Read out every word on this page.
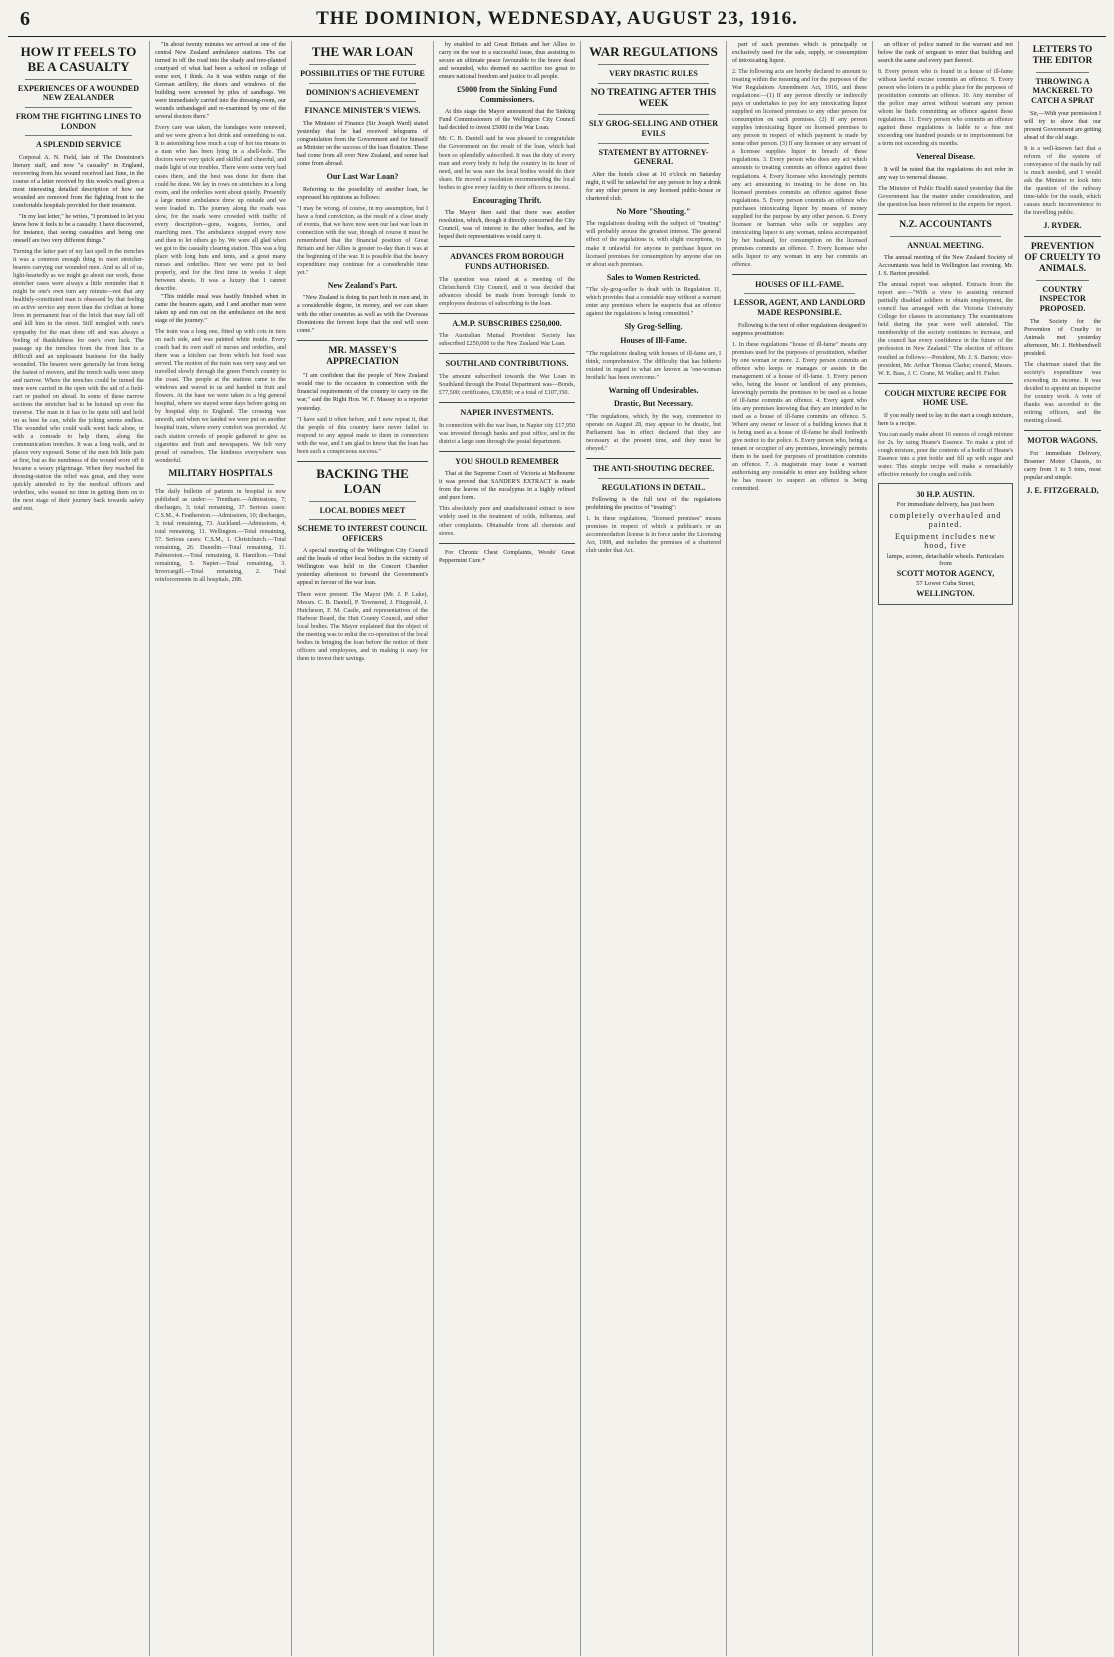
6	THE DOMINION, WEDNESDAY, AUGUST 23, 1916.
HOW IT FEELS TO BE A CASUALTY
EXPERIENCES OF A WOUNDED NEW ZEALANDER
FROM THE FIGHTING LINES TO LONDON
A SPLENDID SERVICE

Corporal A. N. Field, late of The Dominion's literary staff, and now "a casualty" in England, recovering from his wound received last June, in the course of a letter received by this week's mail gives a most interesting detailed description of how our wounded are removed from the fighting front to the comfortable hospitals provided for their treatment.

"In my last letter," he writes, "I promised to let you know how it feels to be a casualty. I have discovered, for instance, that seeing casualties and being one oneself are two very different things."

Turning the latter part of my last spell in the trenches it was a common enough thing to meet stretcher-bearers carrying our wounded men. And so all of us, light-heartedly as we might go about our work, these stretcher cases were always a little reminder that it might be one's own turn any minute—not that any healthily-constituted man is obsessed by that feeling on active service any more than the civilian at home lives in permanent fear of the brick that may fall off and kill him in the street. Still mingled with one's sympathy for the man done off and was always a feeling of thankfulness for one's own luck. The passage up the trenches from the front line is a difficult and an unpleasant business for the badly wounded. The bearers were generally far from being the fastest of movers, and the trench walls were steep and narrow. Where the trenches could be turned the men were carried in the open with the aid of a field-cart or pushed on ahead. In some of these narrow sections the stretcher had to be hoisted up over the traverse. The man in it has to lie quite still and hold on as best he can, while the jolting seems endless. The wounded who could walk went back alone, or with a comrade to help them, along the communication trenches. It was a long walk, and in places very exposed. Some of the men felt little pain at first, but as the numbness of the wound wore off it became a weary pilgrimage. When they reached the dressing-station the relief was great, and they were quickly attended to by the medical officers and orderlies, who wasted no time in getting them on to the next stage of their journey back towards safety and rest.

"In about twenty minutes we arrived at one of the central New Zealand ambulance stations. The car turned in off the road into the shady and tree-planted courtyard of what had been a school or college of some sort, I think. As it was within range of the German artillery, the doors and windows of the building were screened by piles of sandbags. We were immediately carried into the dressing-room, our wounds unbandaged and re-examined by one of the several doctors there."

Every care was taken, the bandages were renewed, and we were given a hot drink and something to eat. It is astonishing how much a cup of hot tea means to a man who has been lying in a shell-hole. The doctors were very quick and skilful and cheerful, and made light of our troubles. There were some very bad cases there, and the best was done for them that could be done. We lay in rows on stretchers in a long room, and the orderlies went about quietly. Presently a large motor ambulance drew up outside and we were loaded in. The journey along the roads was slow, for the roads were crowded with traffic of every description—guns, wagons, lorries, and marching men. The ambulance stopped every now and then to let others go by. We were all glad when we got to the casualty clearing station. This was a big place with long huts and tents, and a great many nurses and orderlies. Here we were put to bed properly, and for the first time in weeks I slept between sheets. It was a luxury that I cannot describe.

"This middle meal was hastily finished when in came the bearers again, and I and another man were taken up and run out on the ambulance on the next stage of the journey."

The train was a long one, fitted up with cots in tiers on each side, and was painted white inside. Every coach had its own staff of nurses and orderlies, and there was a kitchen car from which hot food was served. The motion of the train was very easy and we travelled slowly through the green French country to the coast. The people at the stations came to the windows and waved to us and handed in fruit and flowers. At the base we were taken to a big general hospital, where we stayed some days before going on by hospital ship to England. The crossing was smooth, and when we landed we were put on another hospital train, where every comfort was provided. At each station crowds of people gathered to give us cigarettes and fruit and newspapers. We felt very proud of ourselves. The kindness everywhere was wonderful.
MILITARY HOSPITALS
The daily bulletin of patients in hospital is now published as under:— Trentham.—Admissions, 7; discharges, 3; total remaining, 37. Serious cases: C.S.M., 4. Featherston.—Admissions, 10; discharges, 3; total remaining, 73. Auckland.—Admissions, 4; total remaining, 11. Wellington.—Total remaining, 57. Serious cases: C.S.M., 1. Christchurch.—Total remaining, 26. Dunedin.—Total remaining, 11. Palmerston.—Total remaining, 8. Hamilton.—Total remaining, 5. Napier.—Total remaining, 3. Invercargill.—Total remaining, 2. Total reinforcements in all hospitals, 288.
THE WAR LOAN
POSSIBILITIES OF THE FUTURE
DOMINION'S ACHIEVEMENT
FINANCE MINISTER'S VIEWS.

The Minister of Finance (Sir Joseph Ward) stated yesterday that he had received telegrams of congratulation from the Government and for himself as Minister on the success of the loan flotation. These had come from all over New Zealand, and some had come from abroad.

Our Last War Loan?

Referring to the possibility of another loan, he expressed his opinions as follows:

"I may be wrong, of course, in my assumption, but I have a fond conviction, as the result of a close study of events, that we have now seen our last war loan in connection with the war, though of course it must be remembered that the financial position of Great Britain and her Allies is greater to-day than it was at the beginning of the war. It is possible that the heavy expenditure may continue for a considerable time yet."
New Zealand's Part.

"New Zealand is doing its part both in men and, in a considerable degree, in money, and we can share with the other countries as well as with the Overseas Dominions the fervent hope that the end will soon come."

MR. MASSEY'S APPRECIATION

"I am confident that the people of New Zealand would rise to the occasion in connection with the financial requirements of the country to carry on the war," said the Right Hon. W. F. Massey to a reporter yesterday.

"I have said it often before, and I now repeat it, that the people of this country have never failed to respond to any appeal made to them in connection with the war, and I am glad to know that the loan has been such a conspicuous success."
BACKING THE LOAN
LOCAL BODIES MEET
SCHEME TO INTEREST COUNCIL OFFICERS

A special meeting of the Wellington City Council and the heads of other local bodies in the vicinity of Wellington was held in the Concert Chamber yesterday afternoon to forward the Government's appeal in favour of the war loan.

There were present: The Mayor (Mr. J. P. Luke), Messrs. C. B. Daniell, P. Townsend, J. Fitzgerald, J. Hutcheson, F. M. Castle, and representatives of the Harbour Board, the Hutt County Council, and other local bodies. The Mayor explained that the object of the meeting was to enlist the co-operation of the local bodies in bringing the loan before the notice of their officers and employees, and in making it easy for them to invest their savings.

by enabled to aid Great Britain and her Allies to carry on the war to a successful issue, thus assisting to secure an ultimate peace favourable to the brave dead and wounded, who deemed no sacrifice too great to ensure national freedom and justice to all people.

£5000 from the Sinking Fund Commissioners.

At this stage the Mayor announced that the Sinking Fund Commissioners of the Wellington City Council had decided to invest £5000 in the War Loan.

Mr. C. B. Daniell said he was pleased to congratulate the Government on the result of the loan, which had been so splendidly subscribed. It was the duty of every man and every body to help the country in its hour of need, and he was sure the local bodies would do their share. He moved a resolution recommending the local bodies to give every facility to their officers to invest.
Encouraging Thrift.

The Mayor then said that there was another resolution, which, though it directly concerned the City Council, was of interest to the other bodies, and he hoped their representatives would carry it.

ADVANCES FROM BOROUGH FUNDS AUTHORISED.
The question was raised at a meeting of the Christchurch City Council, and it was decided that advances should be made from borough funds to employees desirous of subscribing to the loan.
A.M.P. SUBSCRIBES £250,000.
The Australian Mutual Provident Society has subscribed £250,000 to the New Zealand War Loan.
SOUTHLAND CONTRIBUTIONS.
The amount subscribed towards the War Loan in Southland through the Postal Department was—Bonds, £77,500; certificates, £30,850; or a total of £107,350.
NAPIER INVESTMENTS.
In connection with the war loan, in Napier city £17,950 was invested through banks and post office, and in the district a large sum through the postal department.
YOU SHOULD REMEMBER

That at the Supreme Court of Victoria at Melbourne it was proved that SANDER'S EXTRACT is made from the leaves of the eucalyptus in a highly refined and pure form.

This absolutely pure and unadulterated extract is now widely used in the treatment of colds, influenza, and other complaints. Obtainable from all chemists and stores.

For Chronic Chest Complaints, Woods' Great Peppermint Cure.*

WAR REGULATIONS
VERY DRASTIC RULES
NO TREATING AFTER THIS WEEK
SLY GROG-SELLING AND OTHER EVILS
STATEMENT BY ATTORNEY-GENERAL

After the hotels close at 10 o'clock on Saturday night, it will be unlawful for any person to buy a drink for any other person in any licensed public-house or chartered club.

No More "Shouting."
The regulations dealing with the subject of "treating" will probably arouse the greatest interest. The general effect of the regulations is, with slight exceptions, to make it unlawful for anyone to purchase liquor on licensed premises for consumption by anyone else on or about such premises.
Sales to Women Restricted.
"The sly-grog-seller is dealt with in Regulation 11, which provides that a constable may without a warrant enter any premises where he suspects that an offence against the regulations is being committed."
Sly Grog-Selling.
Houses of Ill-Fame.
"The regulations dealing with houses of ill-fame are, I think, comprehensive. The difficulty that has hitherto existed in regard to what are known as 'one-woman brothels' has been overcome."
Warning off Undesirables.
Drastic, But Necessary.
"The regulations, which, by the way, commence to operate on August 28, may appear to be drastic, but Parliament has in effect declared that they are necessary at the present time, and they must be obeyed."
THE ANTI-SHOUTING DECREE.
REGULATIONS IN DETAIL.

Following is the full text of the regulations prohibiting the practice of "treating":

1. In these regulations, "licensed premises" means premises in respect of which a publican's or an accommodation license is in force under the Licensing Act, 1908, and includes the premises of a chartered club under that Act.

part of such premises which is principally or exclusively used for the sale, supply, or consumption of intoxicating liquor.

2. The following acts are hereby declared to amount to treating within the meaning and for the purposes of the War Regulations Amendment Act, 1916, and these regulations:—(1) If any person directly or indirectly pays or undertakes to pay for any intoxicating liquor supplied on licensed premises to any other person for consumption on such premises. (2) If any person supplies intoxicating liquor on licensed premises to any person in respect of which payment is made by some other person. (3) If any licensee or any servant of a licensee supplies liquor in breach of these regulations. 3. Every person who does any act which amounts to treating commits an offence against these regulations. 4. Every licensee who knowingly permits any act amounting to treating to be done on his licensed premises commits an offence against these regulations. 5. Every person commits an offence who purchases intoxicating liquor by means of money supplied for the purpose by any other person. 6. Every licensee or barman who sells or supplies any intoxicating liquor to any woman, unless accompanied by her husband, for consumption on the licensed premises commits an offence. 7. Every licensee who sells liquor to any woman in any bar commits an offence.
HOUSES OF ILL-FAME.
LESSOR, AGENT, AND LANDLORD MADE RESPONSIBLE.

Following is the text of other regulations designed to suppress prostitution:

1. In these regulations "house of ill-fame" means any premises used for the purposes of prostitution, whether by one woman or more. 2. Every person commits an offence who keeps or manages or assists in the management of a house of ill-fame. 3. Every person who, being the lessor or landlord of any premises, knowingly permits the premises to be used as a house of ill-fame commits an offence. 4. Every agent who lets any premises knowing that they are intended to be used as a house of ill-fame commits an offence. 5. Where any owner or lessor of a building knows that it is being used as a house of ill-fame he shall forthwith give notice to the police. 6. Every person who, being a tenant or occupier of any premises, knowingly permits them to be used for purposes of prostitution commits an offence. 7. A magistrate may issue a warrant authorising any constable to enter any building where he has reason to suspect an offence is being committed.

an officer of police named in the warrant and not below the rank of sergeant to enter that building and search the same and every part thereof.

8. Every person who is found in a house of ill-fame without lawful excuse commits an offence. 9. Every person who loiters in a public place for the purposes of prostitution commits an offence. 10. Any member of the police may arrest without warrant any person whom he finds committing an offence against these regulations. 11. Every person who commits an offence against these regulations is liable to a fine not exceeding one hundred pounds or to imprisonment for a term not exceeding six months.
Venereal Disease.

It will be noted that the regulations do not refer in any way to venereal disease.

The Minister of Public Health stated yesterday that the Government has the matter under consideration, and the question has been referred to the experts for report.
N.Z. ACCOUNTANTS
ANNUAL MEETING.

The annual meeting of the New Zealand Society of Accountants was held in Wellington last evening. Mr. J. S. Barton presided.

The annual report was adopted. Extracts from the report are:—"With a view to assisting returned partially disabled soldiers to obtain employment, the council has arranged with the Victoria University College for classes in accountancy. The examinations held during the year were well attended. The membership of the society continues to increase, and the council has every confidence in the future of the profession in New Zealand." The election of officers resulted as follows:—President, Mr. J. S. Barton; vice-president, Mr. Arthur Thomas Clarke; council, Messrs. W. E. Bass, J. C. Crane, M. Walker, and H. Fisher.
COUGH MIXTURE RECIPE FOR HOME USE.

If you really need to lay in the start a cough mixture, here is a recipe.

You can easily make about 16 ounces of cough mixture for 2s. by using Heane's Essence. To make a pint of cough mixture, pour the contents of a bottle of Heane's Essence into a pint bottle and fill up with sugar and water. This simple recipe will make a remarkably effective remedy for coughs and colds.
30 H.P. AUSTIN.
For immediate delivery, has just been
completely overhauled and painted.
Equipment includes new hood, five
lamps, screen, detachable wheels. Particulars from
SCOTT MOTOR AGENCY,
57 Lower Cuba Street,
WELLINGTON.
LETTERS TO THE EDITOR
THROWING A MACKEREL TO CATCH A SPRAT

Sir,—With your permission I will try to show that our present Government are getting ahead of the old stage.

It is a well-known fact that a reform of the system of conveyance of the mails by rail is much needed, and I would ask the Minister to look into the question of the railway time-table for the south, which causes much inconvenience to the travelling public.
J. RYDER.
PREVENTION OF CRUELTY TO ANIMALS.
COUNTRY INSPECTOR PROPOSED.

The Society for the Prevention of Cruelty to Animals met yesterday afternoon, Mr. J. Hebbendwell presided.

The chairman stated that the society's expenditure was exceeding its income. It was decided to appoint an inspector for country work. A vote of thanks was accorded to the retiring officers, and the meeting closed.
MOTOR WAGONS.

For immediate Delivery, Brasmer Motor Chassis, to carry from 1 to 5 tons, most popular and simple.

J. E. FITZGERALD,
